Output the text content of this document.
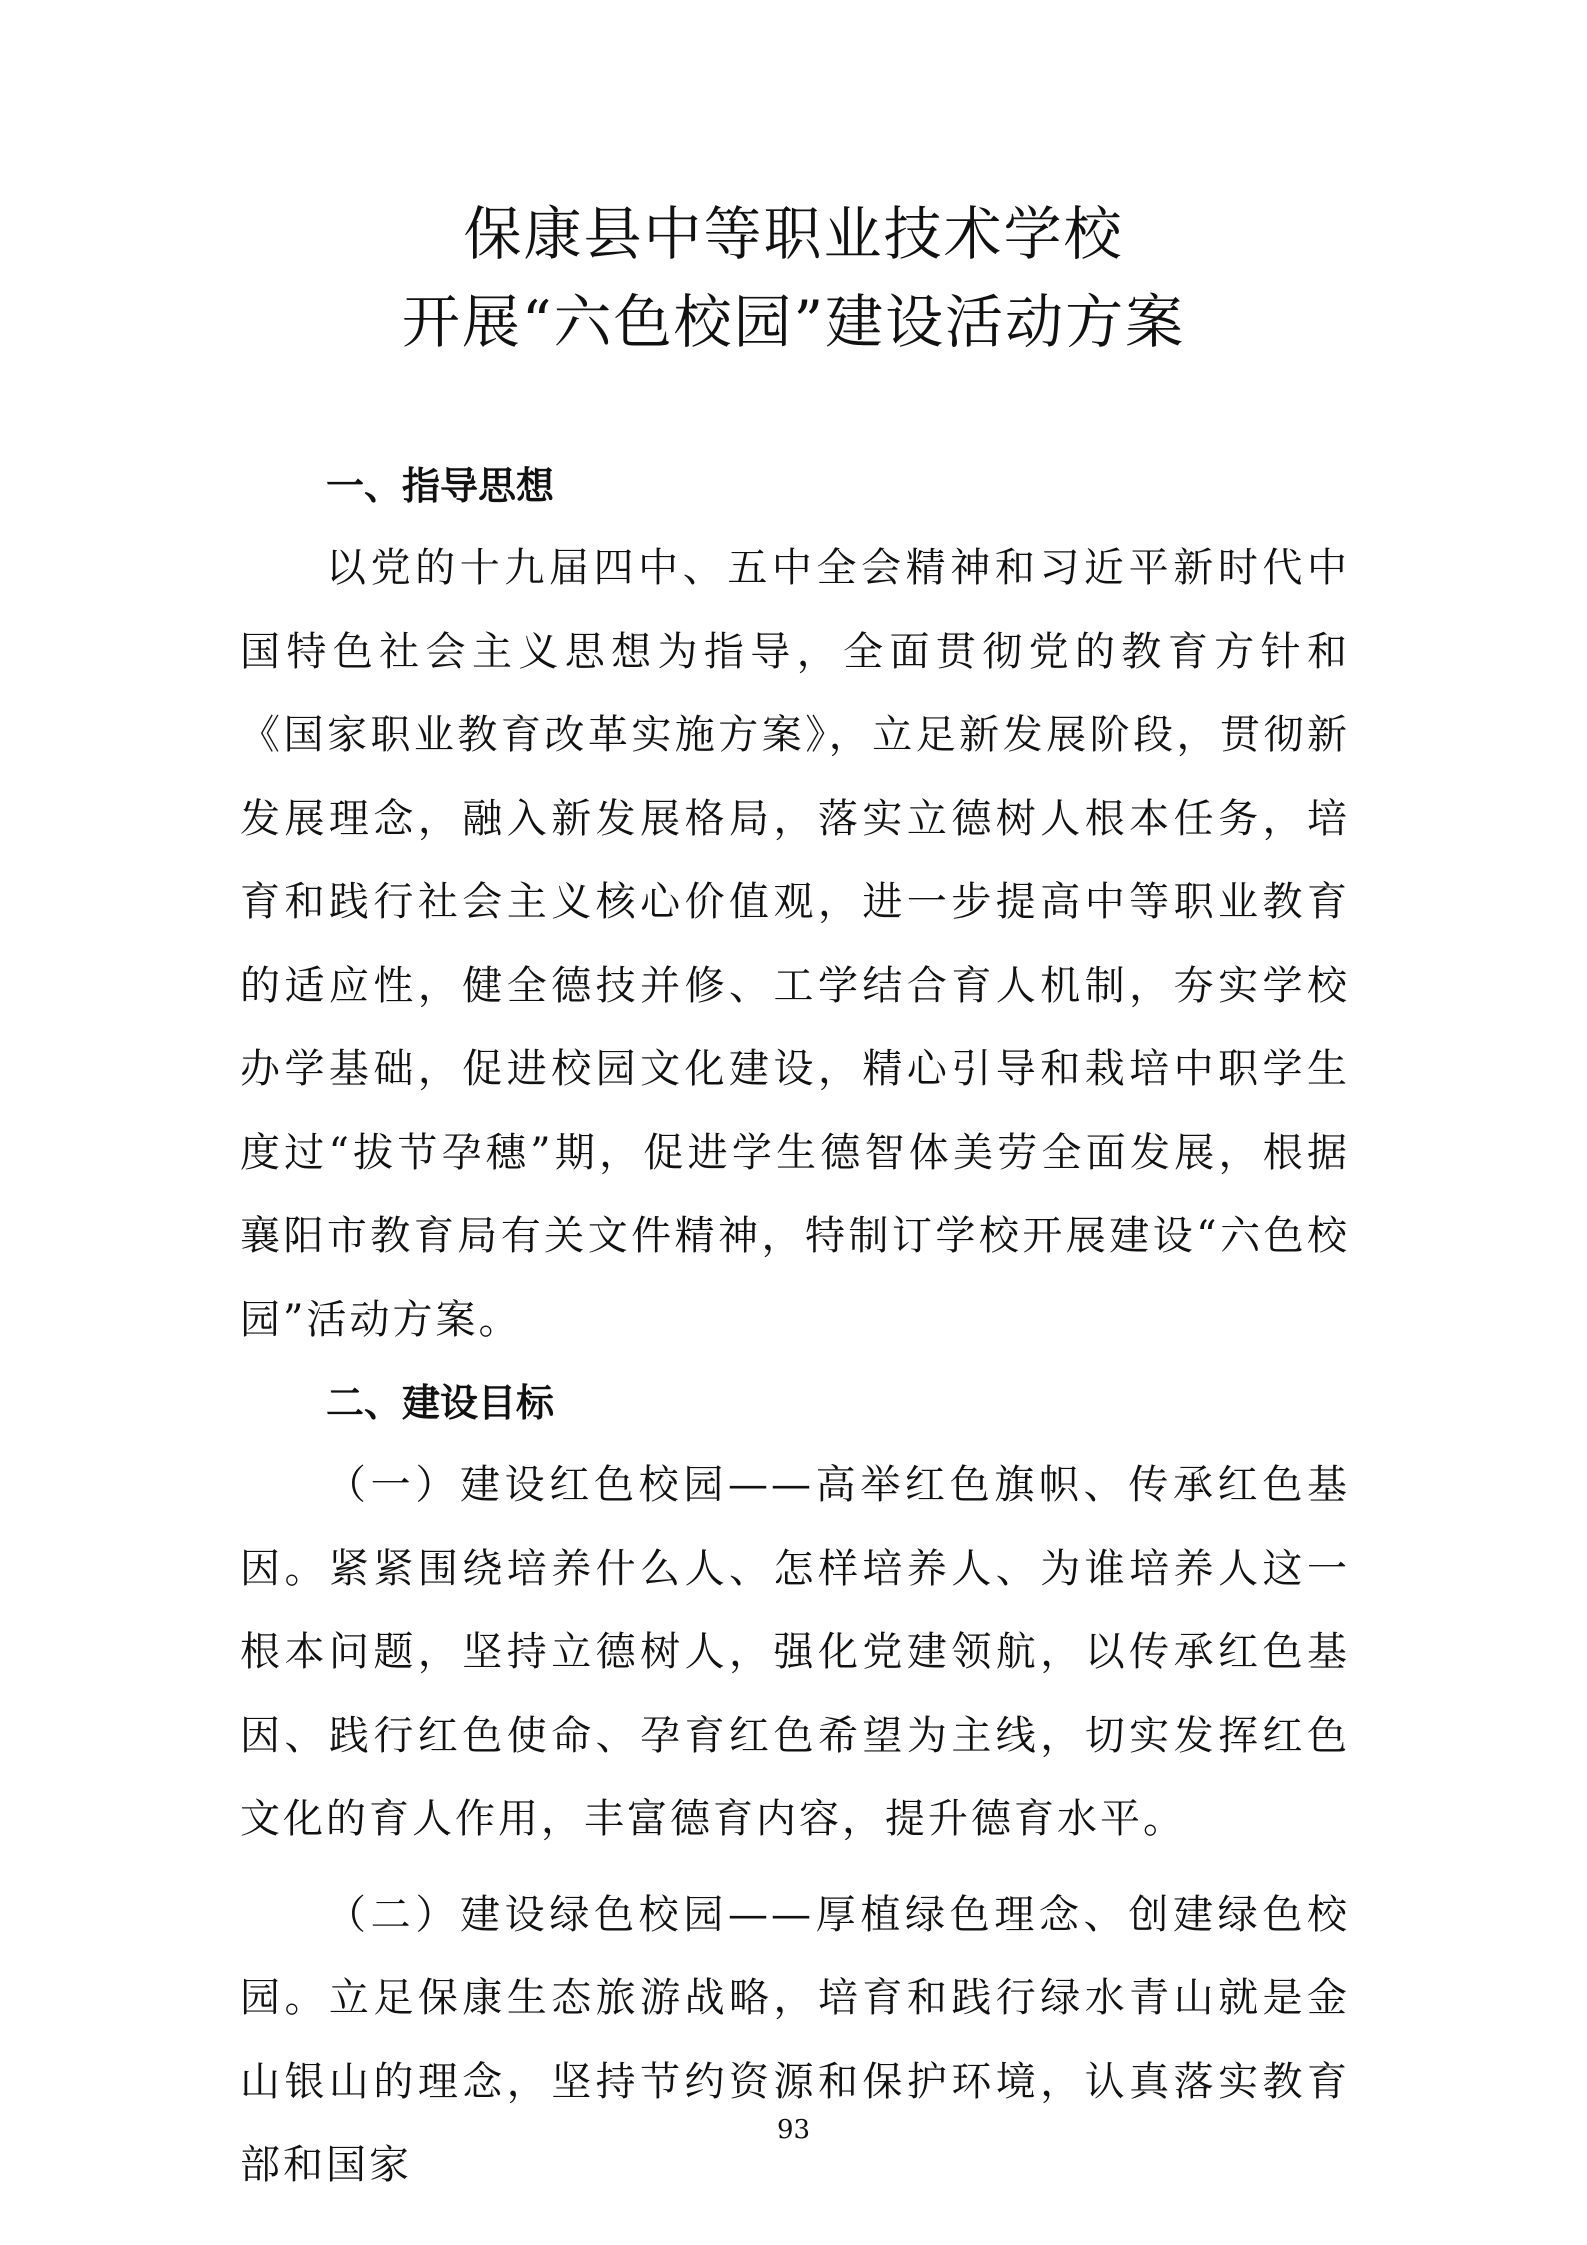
保康县中等职业技术学校
开展“六色校园”建设活动方案
一、指导思想

以党的十九届四中、五中全会精神和习近平新时代中国特色社会主义思想为指导，全面贯彻党的教育方针和《国家职业教育改革实施方案》，立足新发展阶段，贯彻新发展理念，融入新发展格局，落实立德树人根本任务，培育和践行社会主义核心价值观，进一步提高中等职业教育的适应性，健全德技并修、工学结合育人机制，夯实学校办学基础，促进校园文化建设，精心引导和栽培中职学生度过“拔节孕穗”期，促进学生德智体美劳全面发展，根据襄阳市教育局有关文件精神，特制订学校开展建设“六色校园”活动方案。

二、建设目标

（一）建设红色校园——高举红色旗帜、传承红色基因。紧紧围绕培养什么人、怎样培养人、为谁培养人这一根本问题，坚持立德树人，强化党建领航，以传承红色基因、践行红色使命、孕育红色希望为主线，切实发挥红色文化的育人作用，丰富德育内容，提升德育水平。

（二）建设绿色校园——厚植绿色理念、创建绿色校园。立足保康生态旅游战略，培育和践行绿水青山就是金山银山的理念，坚持节约资源和保护环境，认真落实教育部和国家

93
